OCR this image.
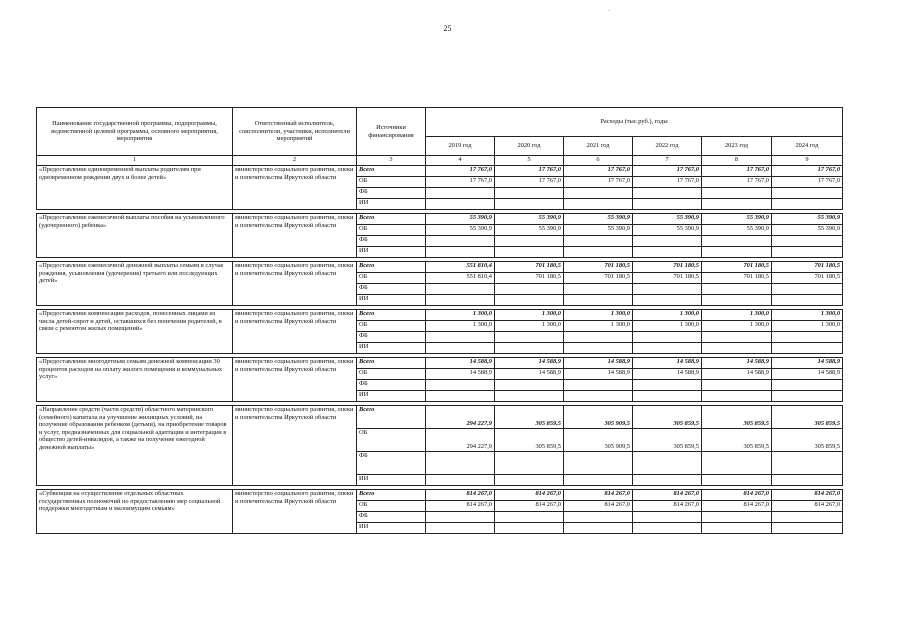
.
25
Наименование государственной программы, подпрограммы, ведомственной целевой программы, основного мероприятия, мероприятия	Ответственный исполнитель, соисполнители, участники, исполнители мероприятий	Источники финансирования	Расходы (тыс.руб.), годы					
			2019 год	2020 год	2021 год	2022 год	2023 год	2024 год
1	2	3	4	5	6	7	8	9
«Предоставление единовременной выплаты родителям при одновременном рождении двух и более детей»	министерство социального развития, опеки и попечительства Иркутской области	Всего	17 767,0	17 767,0	17 767,0	17 767,0	17 767,0	17 767,0
		ОБ	17 767,0	17 767,0	17 767,0	17 767,0	17 767,0	17 767,0
		ФБ						
		ИИ						

«Предоставление ежемесячной выплаты пособия на усыновленного (удочеренного) ребенка»	министерство социального развития, опеки и попечительства Иркутской области	Всего	55 390,9	55 390,9	55 390,9	55 390,9	55 390,9	55 390,9
		ОБ	55 390,9	55 390,9	55 390,9	55 390,9	55 390,9	55 390,9
		ФБ						
		ИИ						

«Предоставление ежемесячной денежной выплаты семьям в случае рождения, усыновления (удочерения) третьего или последующих детей»	министерство социального развития, опеки и попечительства Иркутской области	Всего	551 810,4	701 180,5	701 180,5	701 180,5	701 180,5	701 180,5
		ОБ	551 810,4	701 180,5	701 180,5	701 180,5	701 180,5	701 180,5
		ФБ						
		ИИ						

«Предоставление компенсации расходов, понесенных лицами из числа детей-сирот и детей, оставшихся без попечения родителей, в связи с ремонтом жилых помещений»	министерство социального развития, опеки и попечительства Иркутской области	Всего	1 300,0	1 300,0	1 300,0	1 300,0	1 300,0	1 300,0
		ОБ	1 300,0	1 300,0	1 300,0	1 300,0	1 300,0	1 300,0
		ФБ						
		ИИ						

«Предоставление многодетным семьям денежной компенсации 30 процентов расходов на оплату жилого помещения и коммунальных услуг»	министерство социального развития, опеки и попечительства Иркутской области	Всего	14 588,9	14 588,9	14 588,9	14 588,9	14 588,9	14 588,9
		ОБ	14 588,9	14 588,9	14 588,9	14 588,9	14 588,9	14 588,9
		ФБ						
		ИИ						

«Направление средств (части средств) областного материнского (семейного) капитала на улучшение жилищных условий, на получение образования ребенком (детьми), на приобретение товаров и услуг, предназначенных для социальной адаптации и интеграции в общество детей-инвалидов, а также на получение ежегодной денежной выплаты»	министерство социального развития, опеки и попечительства Иркутской области	Всего	294 227,9	305 859,5	305 909,5	305 859,5	305 859,5	305 859,5
		ОБ	294 227,9	305 859,5	305 909,5	305 859,5	305 859,5	305 859,5
		ФБ						
		ИИ						

«Субвенция на осуществление отдельных областных государственных полномочий по предоставлению мер социальной поддержки многодетным и малоимущим семьям»	министерство социального развития, опеки и попечительства Иркутской области	Всего	814 267,0	814 267,0	814 267,0	814 267,0	814 267,0	814 267,0
		ОБ	814 267,0	814 267,0	814 267,0	814 267,0	814 267,0	814 267,0
		ФБ						
		ИИ						
